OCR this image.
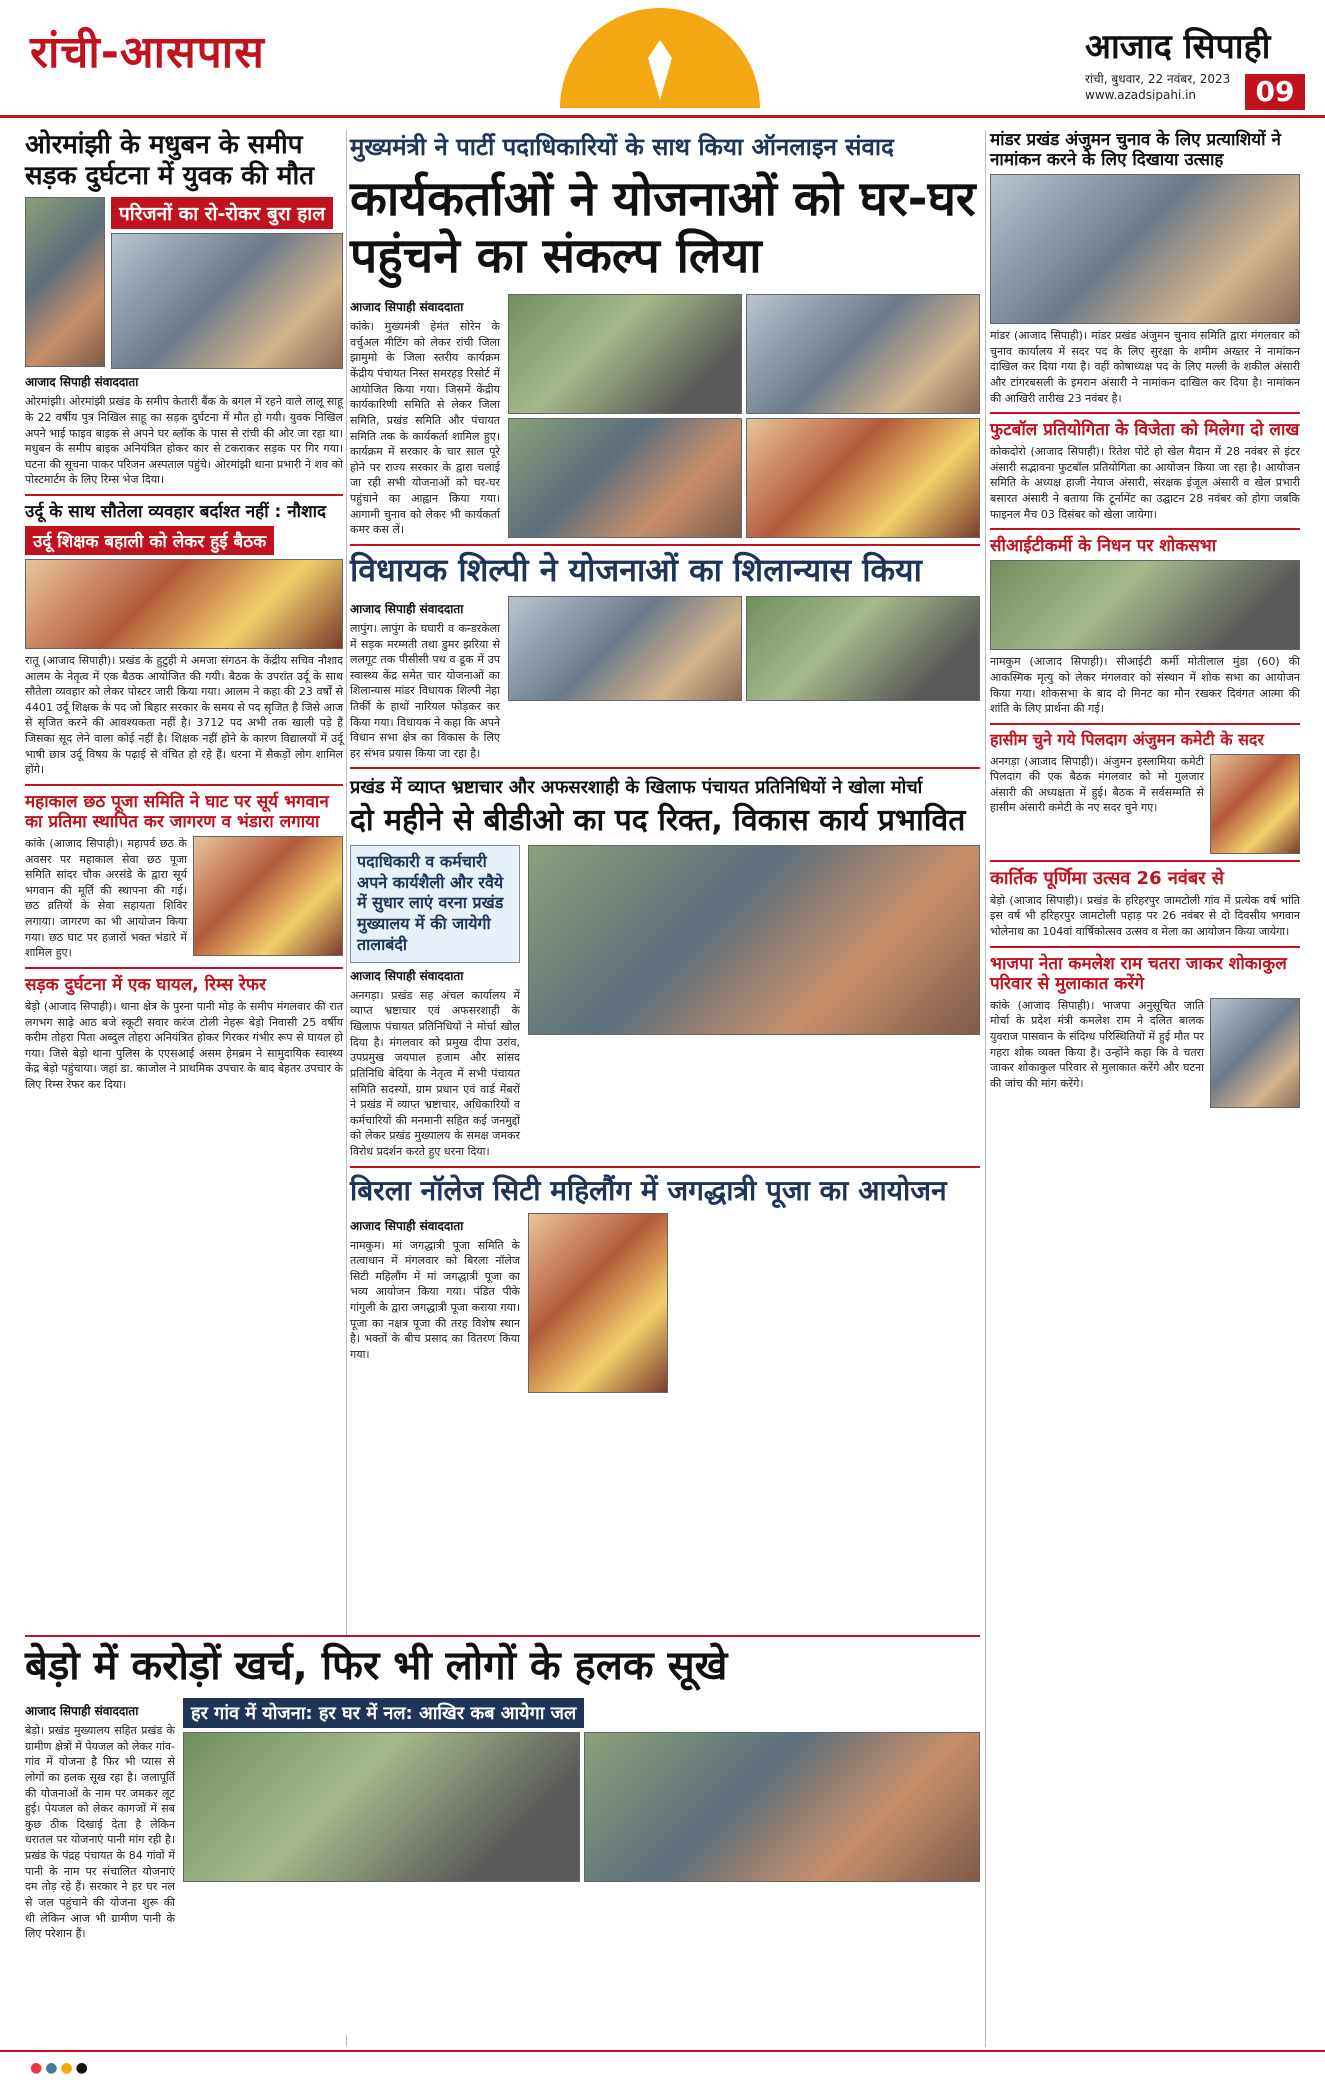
रांची-आसपास	आजाद सिपाही
रांची, बुधवार, 22 नवंबर, 2023
www.azadsipahi.in	09
ओरमांझी के मधुबन के समीप सड़क दुर्घटना में युवक की मौत
परिजनों का रो-रोकर बुरा हाल
आजाद सिपाही संवाददाता
ओरमांझी। ओरमांझी प्रखंड के समीप केतारी बैंक के बगल में रहने वाले लालू साहू के 22 वर्षीय पुत्र निखिल साहू का सड़क दुर्घटना में मौत हो गयी। युवक निखिल अपने भाई फाइव बाइक से अपने घर ब्लॉक के पास से रांची की ओर जा रहा था। मधुबन के समीप बाइक अनियंत्रित होकर कार से टकराकर सड़क पर गिर गया। घटना की सूचना पाकर परिजन अस्पताल पहुंचे। ओरमांझी थाना प्रभारी ने शव को पोस्टमार्टम के लिए रिम्स भेज दिया।
उर्दू के साथ सौतेला व्यवहार बर्दाश्त नहीं : नौशाद
उर्दू शिक्षक बहाली को लेकर हुई बैठक
रातू (आजाद सिपाही)। प्रखंड के हुटुही मे अमजा संगठन के केंद्रीय सचिव नौशाद आलम के नेतृत्व में एक बैठक आयोजित की गयी। बैठक के उपरांत उर्दू के साथ सौतेला व्यवहार को लेकर पोस्टर जारी किया गया। आलम ने कहा की 23 वर्षों से 4401 उर्दू शिक्षक के पद जो बिहार सरकार के समय से पद सृजित है जिसे आज से सृजित करने की आवश्यकता नहीं है। 3712 पद अभी तक खाली पड़े हैं जिसका सूद लेने वाला कोई नहीं है। शिक्षक नहीं होने के कारण विद्यालयों में उर्दू भाषी छात्र उर्दू विषय के पढ़ाई से वंचित हो रहे हैं। धरना में सैकड़ों लोग शामिल होंगे।
महाकाल छठ पूजा समिति ने घाट पर सूर्य भगवान का प्रतिमा स्थापित कर जागरण व भंडारा लगाया
कांके (आजाद सिपाही)। महापर्व छठ के अवसर पर महाकाल सेवा छठ पूजा समिति सांदर चौक अरसंडे के द्वारा सूर्य भगवान की मूर्ति की स्थापना की गई। छठ व्रतियों के सेवा सहायता शिविर लगाया। जागरण का भी आयोजन किया गया। छठ घाट पर हजारों भक्त भंडारे में शामिल हुए।
सड़क दुर्घटना में एक घायल, रिम्स रेफर
बेड़ो (आजाद सिपाही)। थाना क्षेत्र के पुरना पानी मोड़ के समीप मंगलवार की रात लगभग साढ़े आठ बजे स्कूटी सवार करंज टोली नेहरू बेड़ो निवासी 25 वर्षीय करीम तोहरा पिता अब्दुल तोहरा अनियंत्रित होकर गिरकर गंभीर रूप से घायल हो गया। जिसे बेड़ो थाना पुलिस के एएसआई असम हेमब्रम ने सामुदायिक स्वास्थ्य केंद्र बेड़ो पहुंचाया। जहां डा. काजोल ने प्राथमिक उपचार के बाद बेहतर उपचार के लिए रिम्स रेफर कर दिया।
मुख्यमंत्री ने पार्टी पदाधिकारियों के साथ किया ऑनलाइन संवाद
कार्यकर्ताओं ने योजनाओं को घर-घर पहुंचने का संकल्प लिया
आजाद सिपाही संवाददाता
कांके। मुख्यमंत्री हेमंत सोरेन के वर्चुअल मीटिंग को लेकर रांची जिला झामुमो के जिला स्तरीय कार्यक्रम केंद्रीय पंचायत निस्त समरहड़ रिसोर्ट में आयोजित किया गया। जिसमें केंद्रीय कार्यकारिणी समिति से लेकर जिला समिति, प्रखंड समिति और पंचायत समिति तक के कार्यकर्ता शामिल हुए। कार्यक्रम में सरकार के चार साल पूरे होने पर राज्य सरकार के द्वारा चलाई जा रही सभी योजनाओं को घर-घर पहुंचाने का आह्वान किया गया। आगामी चुनाव को लेकर भी कार्यकर्ता कमर कस लें।
विधायक शिल्पी ने योजनाओं का शिलान्यास किया
आजाद सिपाही संवाददाता
लापुंग। लापुंग के घघारी व कन्डरकेला में सड़क मरम्मती तथा डुमर झरिया से ललगूट तक पीसीसी पथ व डूक में उप स्वास्थ्य केंद्र समेत चार योजनाओं का शिलान्यास मांडर विधायक शिल्पी नेहा तिर्की के हाथों नारियल फोड़कर कर किया गया। विधायक ने कहा कि अपने विधान सभा क्षेत्र का विकास के लिए हर संभव प्रयास किया जा रहा है।
प्रखंड में व्याप्त भ्रष्टाचार और अफसरशाही के खिलाफ पंचायत प्रतिनिधियों ने खोला मोर्चा
दो महीने से बीडीओ का पद रिक्त, विकास कार्य प्रभावित
पदाधिकारी व कर्मचारी अपने कार्यशैली और रवैये में सुधार लाएं वरना प्रखंड मुख्यालय में की जायेगी तालाबंदी
आजाद सिपाही संवाददाता
अनगड़ा। प्रखंड सह अंचल कार्यालय में व्याप्त भ्रष्टाचार एवं अफसरशाही के खिलाफ पंचायत प्रतिनिधियों ने मोर्चा खोल दिया है। मंगलवार को प्रमुख दीपा उरांव, उपप्रमुख जयपाल हजाम और सांसद प्रतिनिधि बेदिया के नेतृत्व में सभी पंचायत समिति सदस्यों, ग्राम प्रधान एवं वार्ड मेंबरों ने प्रखंड में व्याप्त भ्रष्टाचार, अधिकारियों व कर्मचारियों की मनमानी सहित कई जनमुद्दों को लेकर प्रखंड मुख्यालय के समक्ष जमकर विरोध प्रदर्शन करते हुए धरना दिया।
बिरला नॉलेज सिटी महिलौंग में जगद्धात्री पूजा का आयोजन
आजाद सिपाही संवाददाता
नामकुम। मां जगद्धात्री पूजा समिति के तत्वाधान में मंगलवार को बिरला नॉलेज सिटी महिलौंग में मां जगद्धात्री पूजा का भव्य आयोजन किया गया। पंडित पीके गांगुली के द्वारा जगद्धात्री पूजा कराया गया। पूजा का नक्षत्र पूजा की तरह विशेष स्थान है। भक्तों के बीच प्रसाद का वितरण किया गया।
मांडर प्रखंड अंजुमन चुनाव के लिए प्रत्याशियों ने नामांकन करने के लिए दिखाया उत्साह
मांडर (आजाद सिपाही)। मांडर प्रखंड अंजुमन चुनाव समिति द्वारा मंगलवार को चुनाव कार्यालय में सदर पद के लिए सुरक्षा के शमीम अख्तर ने नामांकन दाखिल कर दिया गया है। वहीं कोषाध्यक्ष पद के लिए मल्ली के शकील अंसारी और टांगरबसली के इमरान अंसारी ने नामांकन दाखिल कर दिया है। नामांकन की आखिरी तारीख 23 नवंबर है।
फुटबॉल प्रतियोगिता के विजेता को मिलेगा दो लाख
कोकदोरो (आजाद सिपाही)। रितेश पोटे हो खेल मैदान में 28 नवंबर से इंटर अंसारी सद्भावना फुटबॉल प्रतियोगिता का आयोजन किया जा रहा है। आयोजन समिति के अध्यक्ष हाजी नेयाज अंसारी, संरक्षक इंजूल अंसारी व खेल प्रभारी बसारत अंसारी ने बताया कि टूर्नामेंट का उद्घाटन 28 नवंबर को होगा जबकि फाइनल मैच 03 दिसंबर को खेला जायेगा।
सीआईटीकर्मी के निधन पर शोकसभा
नामकुम (आजाद सिपाही)। सीआईटी कर्मी मोतीलाल मुंडा (60) की आकस्मिक मृत्यु को लेकर मंगलवार को संस्थान में शोक सभा का आयोजन किया गया। शोकसभा के बाद दो मिनट का मौन रखकर दिवंगत आत्मा की शांति के लिए प्रार्थना की गई।
हासीम चुने गये पिलदाग अंजुमन कमेटी के सदर
अनगड़ा (आजाद सिपाही)। अंजुमन इस्लामिया कमेटी पिलदाग की एक बैठक मंगलवार को मो गुलजार अंसारी की अध्यक्षता में हुई। बैठक में सर्वसम्मति से हासीम अंसारी कमेटी के नए सदर चुने गए।
कार्तिक पूर्णिमा उत्सव 26 नवंबर से
बेड़ो (आजाद सिपाही)। प्रखंड के हरिहरपुर जामटोली गांव में प्रत्येक वर्ष भांति इस वर्ष भी हरिहरपुर जामटोली पहाड़ पर 26 नवंबर से दो दिवसीय भगवान भोलेनाथ का 104वां वार्षिकोत्सव उत्सव व मेला का आयोजन किया जायेगा।
भाजपा नेता कमलेश राम चतरा जाकर शोकाकुल परिवार से मुलाकात करेंगे
कांके (आजाद सिपाही)। भाजपा अनुसूचित जाति मोर्चा के प्रदेश मंत्री कमलेश राम ने दलित बालक युवराज पासवान के संदिग्ध परिस्थितियों में हुई मौत पर गहरा शोक व्यक्त किया है। उन्होंने कहा कि वे चतरा जाकर शोकाकुल परिवार से मुलाकात करेंगे और घटना की जांच की मांग करेंगे।
बेड़ो में करोड़ों खर्च, फिर भी लोगों के हलक सूखे
आजाद सिपाही संवाददाता
बेड़ो। प्रखंड मुख्यालय सहित प्रखंड के ग्रामीण क्षेत्रों में पेयजल को लेकर गांव-गांव में योजना है फिर भी प्यास से लोगों का हलक सूख रहा है। जलापूर्ति की योजनाओं के नाम पर जमकर लूट हुई। पेयजल को लेकर कागजों में सब कुछ ठीक दिखाई देता है लेकिन धरातल पर योजनाएं पानी मांग रही है। प्रखंड के पंद्रह पंचायत के 84 गांवों में पानी के नाम पर संचालित योजनाएं दम तोड़ रहे हैं। सरकार ने हर घर नल से जल पहुंचाने की योजना शुरू की थी लेकिन आज भी ग्रामीण पानी के लिए परेशान हैं।
हर गांव में योजना: हर घर में नल: आखिर कब आयेगा जल
●●●●
